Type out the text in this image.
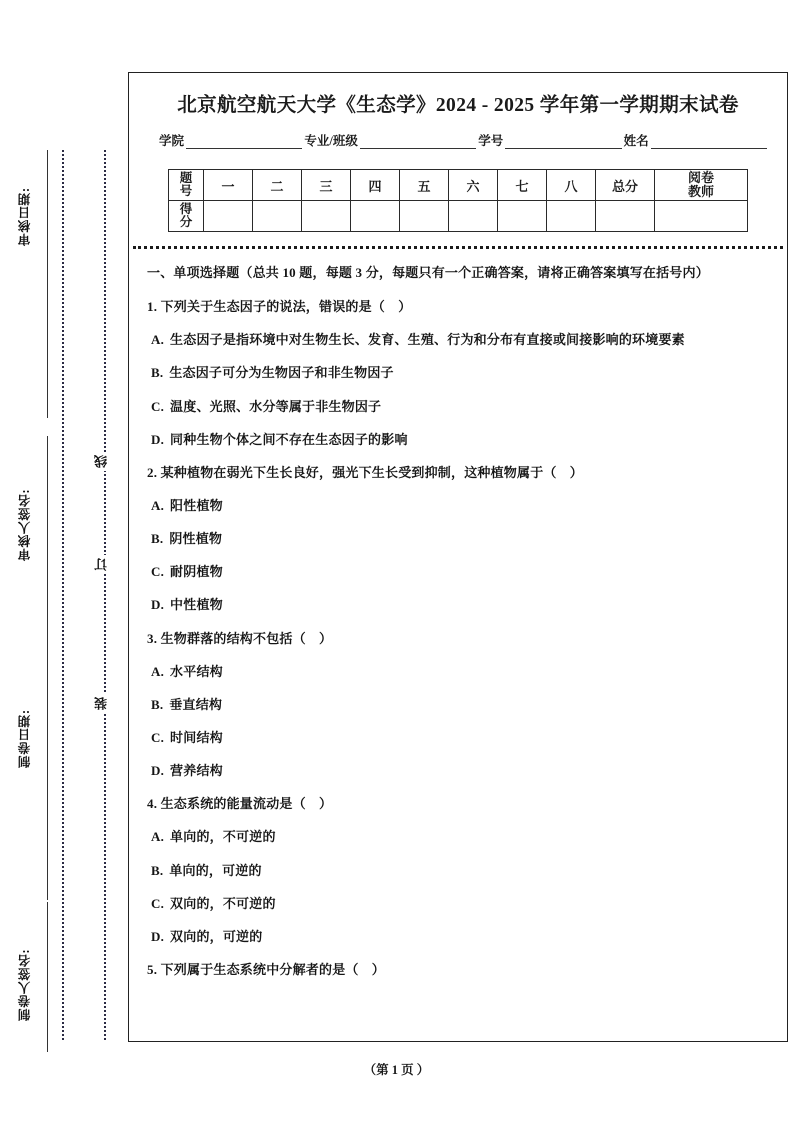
审核日期:
审核人签名:
制卷日期:
制卷人签名:
线
订
装
北京航空航天大学《生态学》2024 - 2025 学年第一学期期末试卷
学院	专业/班级	学号	姓名
题
号	一	二	三	四	五	六	七	八	总分	阅卷
教师

得
分										

一、单项选择题（总共 10 题，每题 3 分，每题只有一个正确答案，请将正确答案填写在括号内）
1. 下列关于生态因子的说法，错误的是（　）
A. 生态因子是指环境中对生物生长、发育、生殖、行为和分布有直接或间接影响的环境要素
B. 生态因子可分为生物因子和非生物因子
C. 温度、光照、水分等属于非生物因子
D. 同种生物个体之间不存在生态因子的影响
2. 某种植物在弱光下生长良好，强光下生长受到抑制，这种植物属于（　）
A. 阳性植物
B. 阴性植物
C. 耐阴植物
D. 中性植物
3. 生物群落的结构不包括（　）
A. 水平结构
B. 垂直结构
C. 时间结构
D. 营养结构
4. 生态系统的能量流动是（　）
A. 单向的，不可逆的
B. 单向的，可逆的
C. 双向的，不可逆的
D. 双向的，可逆的
5. 下列属于生态系统中分解者的是（　）
（第 1 页 ）
